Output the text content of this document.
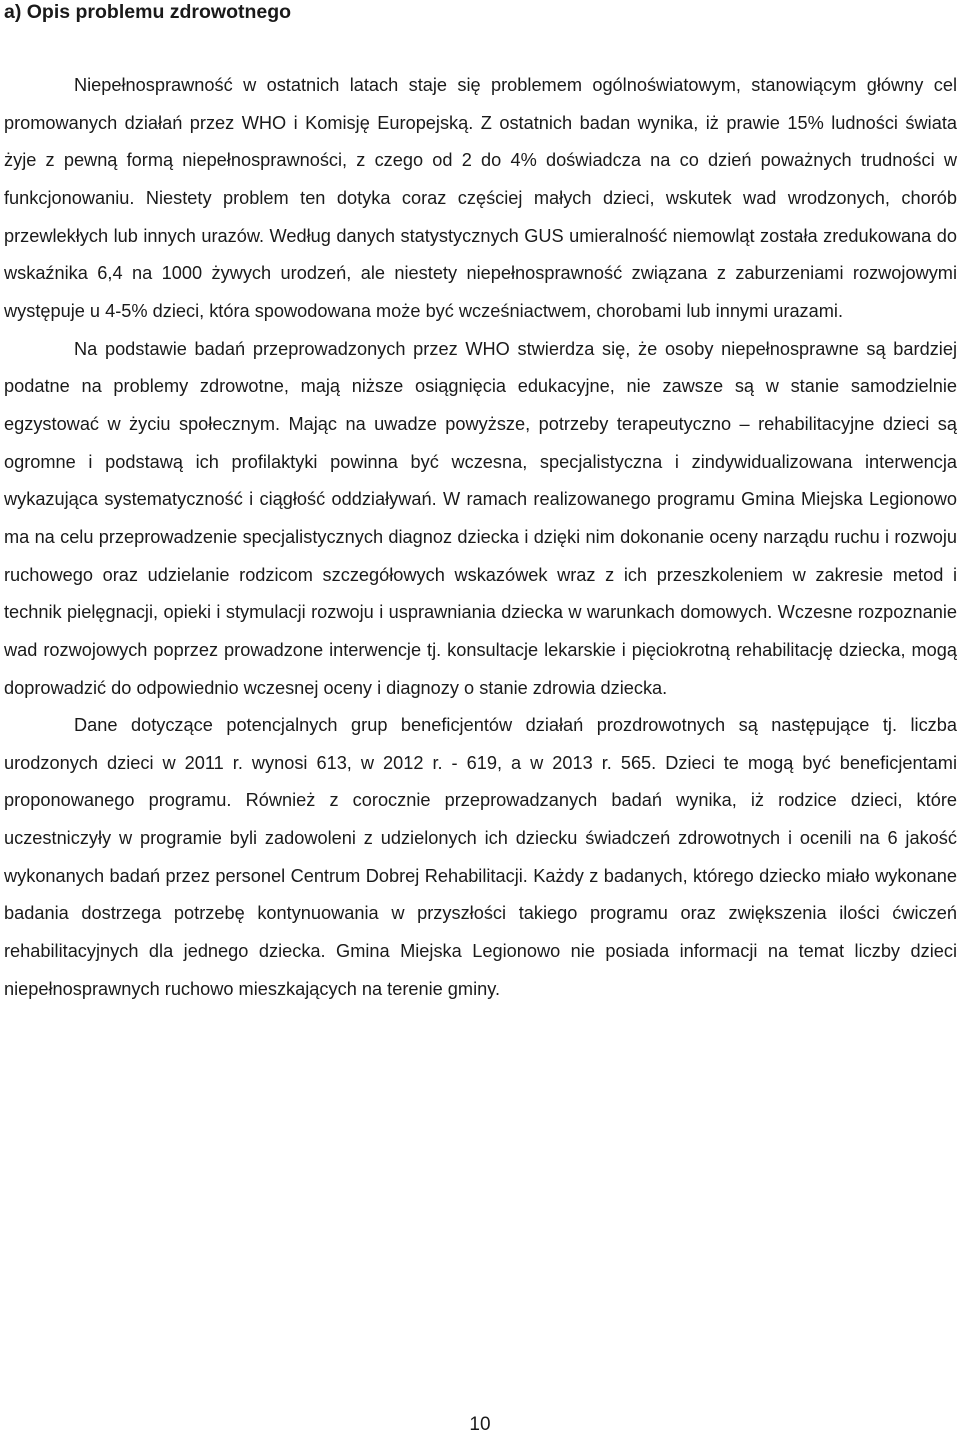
a) Opis problemu zdrowotnego

Niepełnosprawność w ostatnich latach staje się problemem ogólnoświatowym, stanowiącym główny cel promowanych działań przez WHO i Komisję Europejską. Z ostatnich badan wynika, iż prawie 15% ludności świata żyje z pewną formą niepełnosprawności, z czego od 2 do 4% doświadcza na co dzień poważnych trudności w funkcjonowaniu. Niestety problem ten dotyka coraz częściej małych dzieci, wskutek wad wrodzonych, chorób przewlekłych lub innych urazów. Według danych statystycznych GUS umieralność niemowląt została zredukowana do wskaźnika 6,4 na 1000 żywych urodzeń, ale niestety niepełnosprawność związana z zaburzeniami rozwojowymi występuje u 4-5% dzieci, która spowodowana może być wcześniactwem, chorobami lub innymi urazami.

Na podstawie badań przeprowadzonych przez WHO stwierdza się, że osoby niepełnosprawne są bardziej podatne na problemy zdrowotne, mają niższe osiągnięcia edukacyjne, nie zawsze są w stanie samodzielnie egzystować w życiu społecznym. Mając na uwadze powyższe, potrzeby terapeutyczno – rehabilitacyjne dzieci są ogromne i podstawą ich profilaktyki powinna być wczesna, specjalistyczna i zindywidualizowana interwencja wykazująca systematyczność i ciągłość oddziaływań. W ramach realizowanego programu Gmina Miejska Legionowo ma na celu przeprowadzenie specjalistycznych diagnoz dziecka i dzięki nim dokonanie oceny narządu ruchu i rozwoju ruchowego oraz udzielanie rodzicom szczegółowych wskazówek wraz z ich przeszkoleniem w zakresie metod i technik pielęgnacji, opieki i stymulacji rozwoju i usprawniania dziecka w warunkach domowych. Wczesne rozpoznanie wad rozwojowych poprzez prowadzone interwencje tj. konsultacje lekarskie i pięciokrotną rehabilitację dziecka, mogą doprowadzić do odpowiednio wczesnej oceny i diagnozy o stanie zdrowia dziecka.

Dane dotyczące potencjalnych grup beneficjentów działań prozdrowotnych są następujące tj. liczba urodzonych dzieci w 2011 r. wynosi 613, w 2012 r. - 619, a w 2013 r. 565. Dzieci te mogą być beneficjentami proponowanego programu. Również z corocznie przeprowadzanych badań wynika, iż rodzice dzieci, które uczestniczyły w programie byli zadowoleni z udzielonych ich dziecku świadczeń zdrowotnych i ocenili na 6 jakość wykonanych badań przez personel Centrum Dobrej Rehabilitacji. Każdy z badanych, którego dziecko miało wykonane badania dostrzega potrzebę kontynuowania w przyszłości takiego programu oraz zwiększenia ilości ćwiczeń rehabilitacyjnych dla jednego dziecka. Gmina Miejska Legionowo nie posiada informacji na temat liczby dzieci niepełnosprawnych ruchowo mieszkających na terenie gminy.

10
